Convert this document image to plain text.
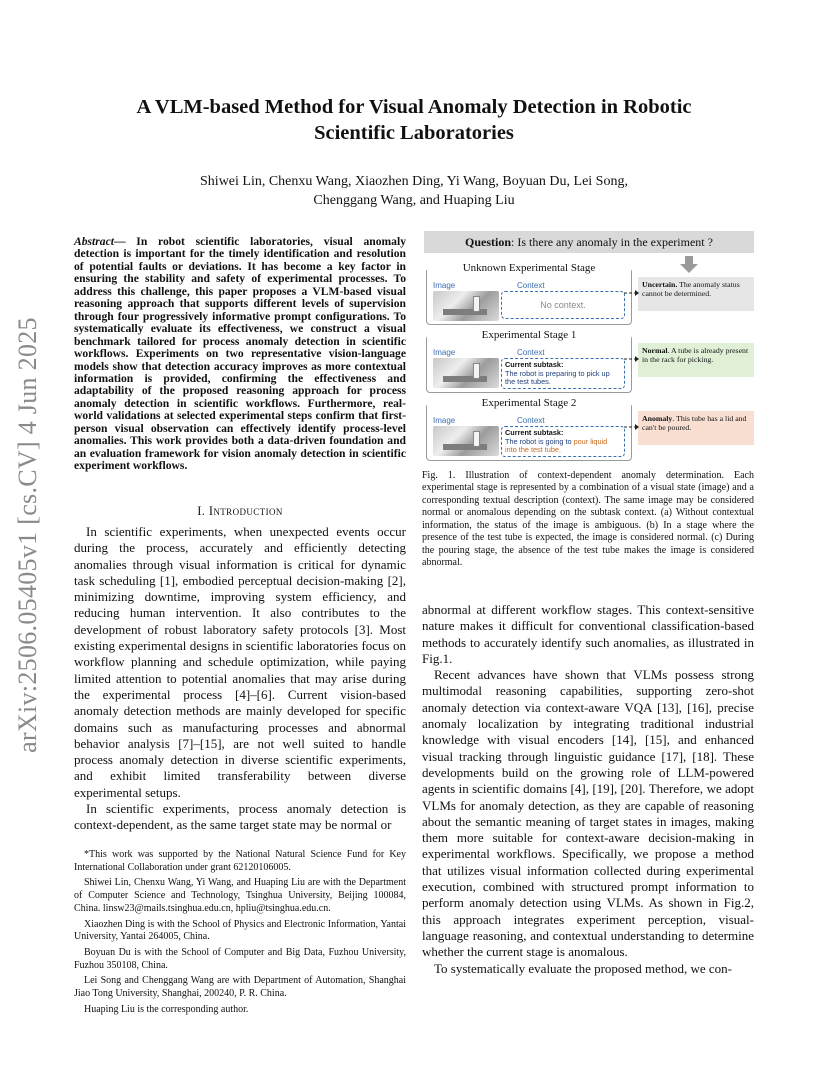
arXiv:2506.05405v1 [cs.CV] 4 Jun 2025
A VLM-based Method for Visual Anomaly Detection in Robotic
Scientific Laboratories
Shiwei Lin, Chenxu Wang, Xiaozhen Ding, Yi Wang, Boyuan Du, Lei Song,
Chenggang Wang, and Huaping Liu
Abstract— In robot scientific laboratories, visual anomaly detection is important for the timely identification and resolution of potential faults or deviations. It has become a key factor in ensuring the stability and safety of experimental processes. To address this challenge, this paper proposes a VLM-based visual reasoning approach that supports different levels of supervision through four progressively informative prompt configurations. To systematically evaluate its effectiveness, we construct a visual benchmark tailored for process anomaly detection in scientific workflows. Experiments on two representative vision-language models show that detection accuracy improves as more contextual information is provided, confirming the effectiveness and adaptability of the proposed reasoning approach for process anomaly detection in scientific workflows. Furthermore, real-world validations at selected experimental steps confirm that first-person visual observation can effectively identify process-level anomalies. This work provides both a data-driven foundation and an evaluation framework for vision anomaly detection in scientific experiment workflows.
I. Introduction

In scientific experiments, when unexpected events occur during the process, accurately and efficiently detecting anomalies through visual information is critical for dynamic task scheduling [1], embodied perceptual decision-making [2], minimizing downtime, improving system efficiency, and reducing human intervention. It also contributes to the development of robust laboratory safety protocols [3]. Most existing experimental designs in scientific laboratories focus on workflow planning and schedule optimization, while paying limited attention to potential anomalies that may arise during the experimental process [4]–[6]. Current vision-based anomaly detection methods are mainly developed for specific domains such as manufacturing processes and abnormal behavior analysis [7]–[15], are not well suited to handle process anomaly detection in diverse scientific experiments, and exhibit limited transferability between diverse experimental setups.

In scientific experiments, process anomaly detection is context-dependent, as the same target state may be normal or

*This work was supported by the National Natural Science Fund for Key International Collaboration under grant 62120106005.

Shiwei Lin, Chenxu Wang, Yi Wang, and Huaping Liu are with the Department of Computer Science and Technology, Tsinghua University, Beijing 100084, China. linsw23@mails.tsinghua.edu.cn, hpliu@tsinghua.edu.cn.

Xiaozhen Ding is with the School of Physics and Electronic Information, Yantai University, Yantai 264005, China.

Boyuan Du is with the School of Computer and Big Data, Fuzhou University, Fuzhou 350108, China.

Lei Song and Chenggang Wang are with Department of Automation, Shanghai Jiao Tong University, Shanghai, 200240, P. R. China.

Huaping Liu is the corresponding author.

Question: Is there any anomaly in the experiment ?
Unknown Experimental Stage
Image	Context
No context.
Uncertain. The anomaly status cannot be determined.
Experimental Stage 1
Image	Context
Current subtask:
The robot is preparing to pick up the test tubes.
Normal. A tube is already present in the rack for picking.
Experimental Stage 2
Image	Context
Current subtask:
The robot is going to pour liquid into the test tube.
Anomaly. This tube has a lid and can't be poured.
Fig. 1. Illustration of context-dependent anomaly determination. Each experimental stage is represented by a combination of a visual state (image) and a corresponding textual description (context). The same image may be considered normal or anomalous depending on the subtask context. (a) Without contextual information, the status of the image is ambiguous. (b) In a stage where the presence of the test tube is expected, the image is considered normal. (c) During the pouring stage, the absence of the test tube makes the image is considered abnormal.

abnormal at different workflow stages. This context-sensitive nature makes it difficult for conventional classification-based methods to accurately identify such anomalies, as illustrated in Fig.1.

Recent advances have shown that VLMs possess strong multimodal reasoning capabilities, supporting zero-shot anomaly detection via context-aware VQA [13], [16], precise anomaly localization by integrating traditional industrial knowledge with visual encoders [14], [15], and enhanced visual tracking through linguistic guidance [17], [18]. These developments build on the growing role of LLM-powered agents in scientific domains [4], [19], [20]. Therefore, we adopt VLMs for anomaly detection, as they are capable of reasoning about the semantic meaning of target states in images, making them more suitable for context-aware decision-making in experimental workflows. Specifically, we propose a method that utilizes visual information collected during experimental execution, combined with structured prompt information to perform anomaly detection using VLMs. As shown in Fig.2, this approach integrates experiment perception, visual-language reasoning, and contextual understanding to determine whether the current stage is anomalous.

To systematically evaluate the proposed method, we con-
